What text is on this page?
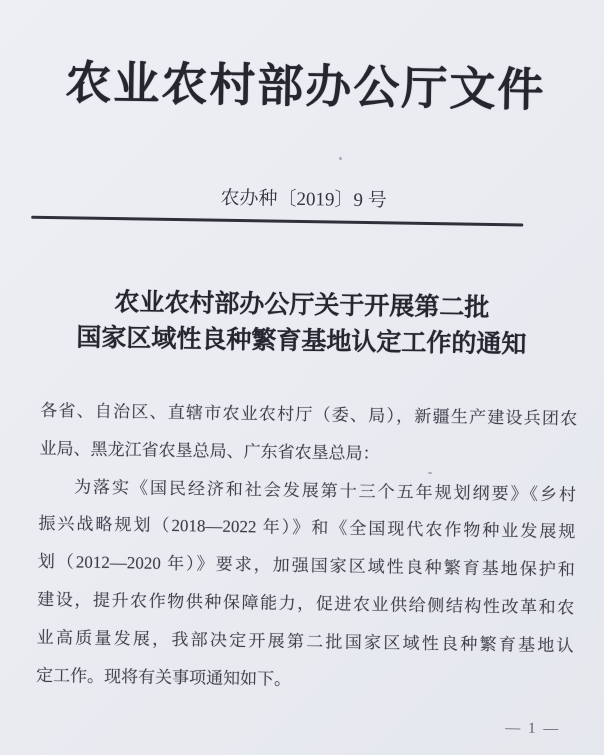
农业农村部办公厅文件
农办种〔2019〕9 号
农业农村部办公厅关于开展第二批
国家区域性良种繁育基地认定工作的通知
各省、自治区、直辖市农业农村厅（委、局），新疆生产建设兵团农
业局、黑龙江省农垦总局、广东省农垦总局：
为落实《国民经济和社会发展第十三个五年规划纲要》《乡村
振兴战略规划（2018—2022 年）》和《全国现代农作物种业发展规
划（2012—2020 年）》要求，加强国家区域性良种繁育基地保护和
建设，提升农作物供种保障能力，促进农业供给侧结构性改革和农
业高质量发展，我部决定开展第二批国家区域性良种繁育基地认
定工作。现将有关事项通知如下。
— 1 —
